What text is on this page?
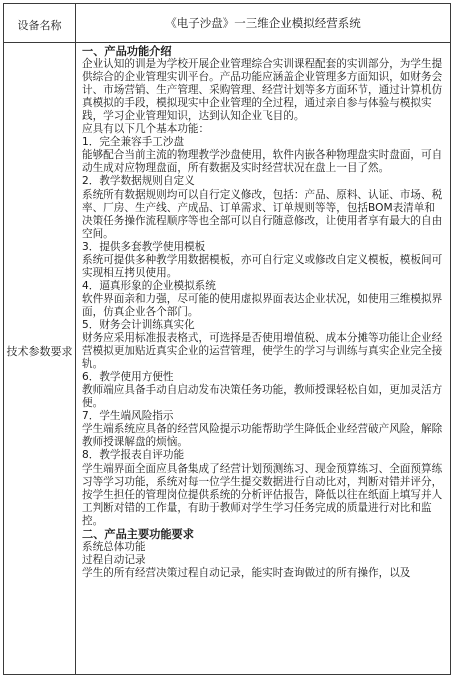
设备名称	《电子沙盘》一三维企业模拟经营系统
技术参数要求

一、产品功能介绍

企业认知的训是为学校开展企业管理综合实训课程配套的实训部分，为学生提供综合的企业管理实训平台。产品功能应涵盖企业管理多方面知识，如财务会计、市场营销、生产管理、采购管理、经营计划等多方面环节，通过计算机仿真模拟的手段，模拟现实中企业管理的全过程，通过亲自参与体验与模拟实践，学习企业管理知识，达到认知企业飞目的。

应具有以下几个基本功能：

1．完全兼容手工沙盘

能够配合当前主流的物理教学沙盘使用，软件内嵌各种物理盘实时盘面，可自动生成对应物理盘面，所有数据及实时经营状况在盘上一目了然。

2．教学数据规则自定义

系统所有数据规则均可以自行定义修改，包括：产品、原料、认证、市场、税率、厂房、生产线、产成品、订单需求、订单规则等等，包括BOM表清单和决策任务操作流程顺序等也全部可以自行随意修改，让使用者享有最大的自由空间。

3．提供多套教学使用模板

系统可提供多种教学用数据模板，亦可自行定义或修改自定义模板，模板间可实现相互拷贝使用。

4．逼真形象的企业模拟系统

软件界面亲和力强，尽可能的使用虚拟界面表达企业状况，如使用三维模拟界面，仿真企业各个部门。

5．财务会计训练真实化

财务应采用标准报表格式，可选择是否使用增值税、成本分摊等功能让企业经营模拟更加贴近真实企业的运营管理，使学生的学习与训练与真实企业完全接轨。

6．教学使用方便性

教师端应具备手动自启动发布决策任务功能，教师授课轻松自如，更加灵活方便。

7．学生端风险指示

学生端系统应具备的经营风险提示功能帮助学生降低企业经营破产风险，解除教师授课解盘的烦恼。

8．教学报表自评功能

学生端界面全面应具备集成了经营计划预测练习、现金预算练习、全面预算练习等学习功能，系统对每一位学生提交数据进行自动比对，判断对错并评分，按学生担任的管理岗位提供系统的分析评估报告，降低以往在纸面上填写并人工判断对错的工作量，有助于教师对学生学习任务完成的质量进行对比和监控。

二、产品主要功能要求

系统总体功能

过程自动记录

学生的所有经营决策过程自动记录，能实时查询做过的所有操作，以及
